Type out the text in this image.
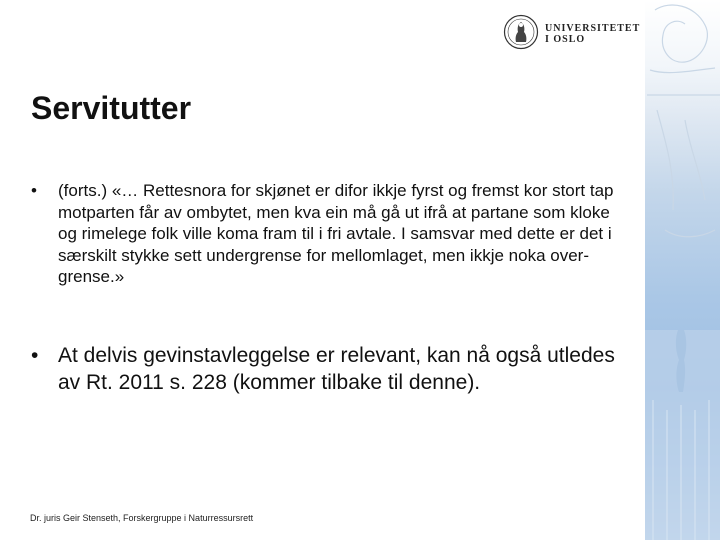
UNIVERSITETET
I OSLO
Servitutter
•	(forts.) «… Rettesnora for skjønet er difor ikkje fyrst og fremst kor stort tap motparten får av ombytet, men kva ein må gå ut ifrå at partane som kloke og rimelege folk ville koma fram til i fri avtale. I samsvar med dette er det i særskilt stykke sett undergrense for mellomlaget, men ikkje noka over-grense.»
• At delvis gevinstavleggelse er relevant, kan nå også utledes av Rt. 2011 s. 228 (kommer tilbake til denne).
Dr. juris Geir Stenseth, Forskergruppe i Naturressursrett
